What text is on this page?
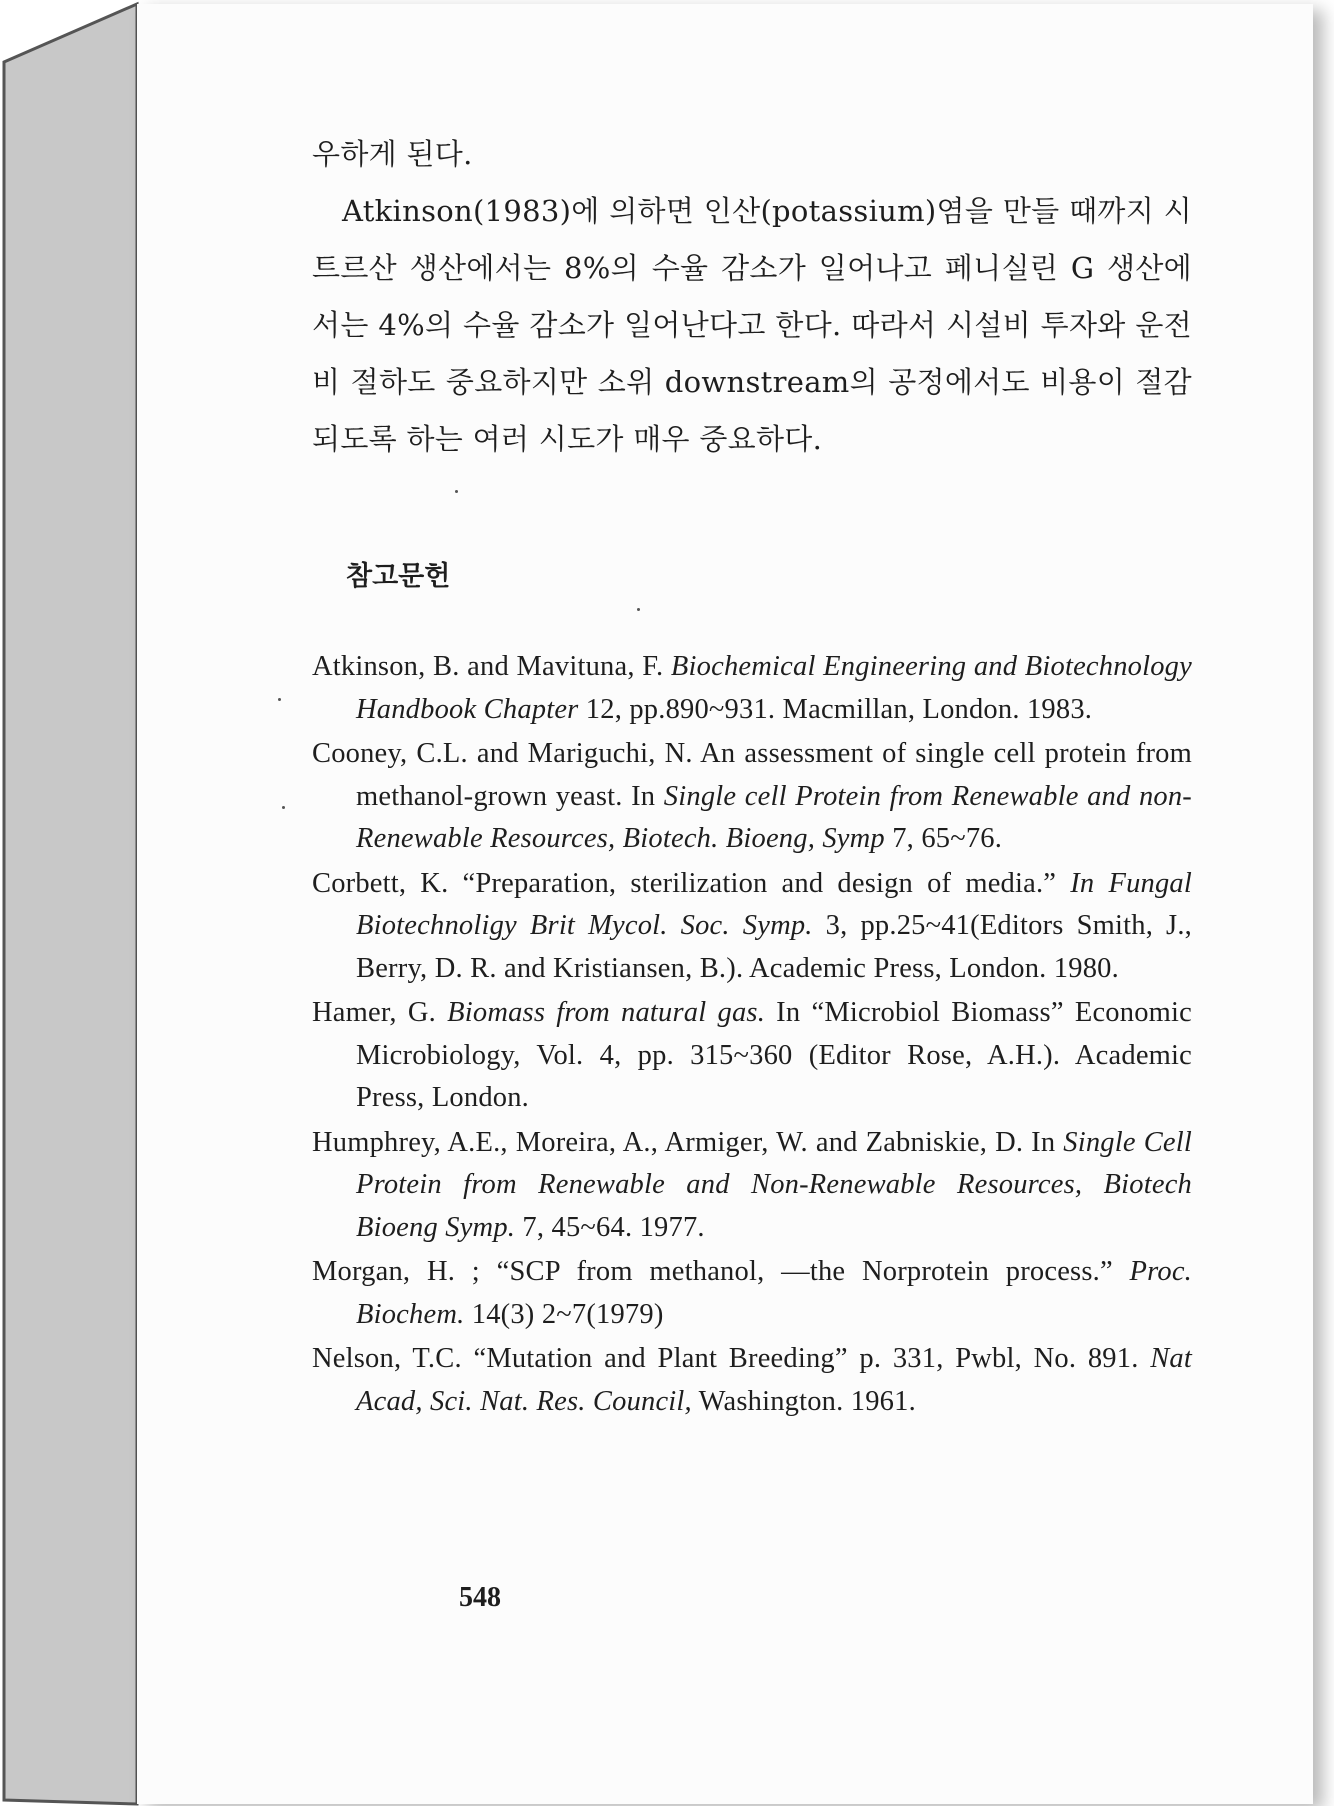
우하게 된다.

Atkinson(1983)에 의하면 인산(potassium)염을 만들 때까지 시트르산 생산에서는 8%의 수율 감소가 일어나고 페니실린 G 생산에서는 4%의 수율 감소가 일어난다고 한다. 따라서 시설비 투자와 운전비 절하도 중요하지만 소위 downstream의 공정에서도 비용이 절감되도록 하는 여러 시도가 매우 중요하다.

참고문헌

Atkinson, B. and Mavituna, F. Biochemical Engineering and Biotechnology Handbook Chapter 12, pp.890~931. Macmillan, London. 1983.

Cooney, C.L. and Mariguchi, N. An assessment of single cell protein from methanol-grown yeast. In Single cell Protein from Renewable and non-Renewable Resources, Biotech. Bioeng, Symp 7, 65~76.

Corbett, K. “Preparation, sterilization and design of media.” In Fungal Biotechnoligy Brit Mycol. Soc. Symp. 3, pp.25~41(Editors Smith, J., Berry, D. R. and Kristiansen, B.). Academic Press, London. 1980.

Hamer, G. Biomass from natural gas. In “Microbiol Biomass” Economic Microbiology, Vol. 4, pp. 315~360 (Editor Rose, A.H.). Academic Press, London.

Humphrey, A.E., Moreira, A., Armiger, W. and Zabniskie, D. In Single Cell Protein from Renewable and Non-Renewable Resources, Biotech Bioeng Symp. 7, 45~64. 1977.

Morgan, H. ; “SCP from methanol, —the Norprotein process.” Proc. Biochem. 14(3) 2~7(1979)

Nelson, T.C. “Mutation and Plant Breeding” p. 331, Pwbl, No. 891. Nat Acad, Sci. Nat. Res. Council, Washington. 1961.

548
